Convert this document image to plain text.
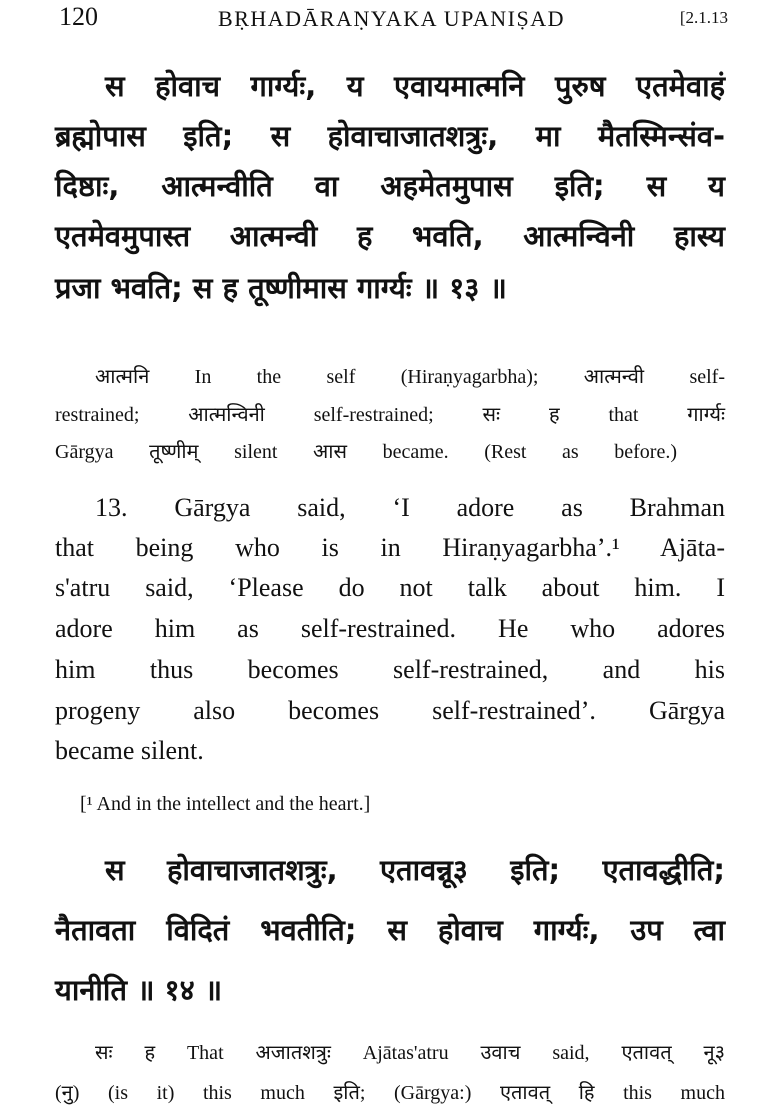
120	BṚHADĀRAṆYAKA UPANIṢAD	[2.1.13
स होवाच गार्ग्यः, य एवायमात्मनि पुरुष एतमेवाहं
ब्रह्मोपास इति; स होवाचाजातशत्रुः, मा मैतस्मिन्संव-
दिष्ठाः, आत्मन्वीति वा अहमेतमुपास इति; स य
एतमेवमुपास्त आत्मन्वी ह भवति, आत्मन्विनी हास्य
प्रजा भवति; स ह तूष्णीमास गार्ग्यः ॥ १३ ॥
आत्मनि In the self (Hiraṇyagarbha); आत्मन्वी self-
restrained; आत्मन्विनी self-restrained; सः ह that गार्ग्यः
Gārgya तूष्णीम् silent आस became. (Rest as before.)
13. Gārgya said, ‘I adore as Brahman
that being who is in Hiraṇyagarbha’.¹ Ajāta-
s'atru said, ‘Please do not talk about him. I
adore him as self-restrained. He who adores
him thus becomes self-restrained, and his
progeny also becomes self-restrained’. Gārgya
became silent.
[¹ And in the intellect and the heart.]
स होवाचाजातशत्रुः, एतावन्नू३ इति; एतावद्धीति;
नैतावता विदितं भवतीति; स होवाच गार्ग्यः, उप त्वा
यानीति ॥ १४ ॥
सः ह That अजातशत्रुः Ajātas'atru उवाच said, एतावत् नू३
(नु) (is it) this much इति; (Gārgya:) एतावत् हि this much
